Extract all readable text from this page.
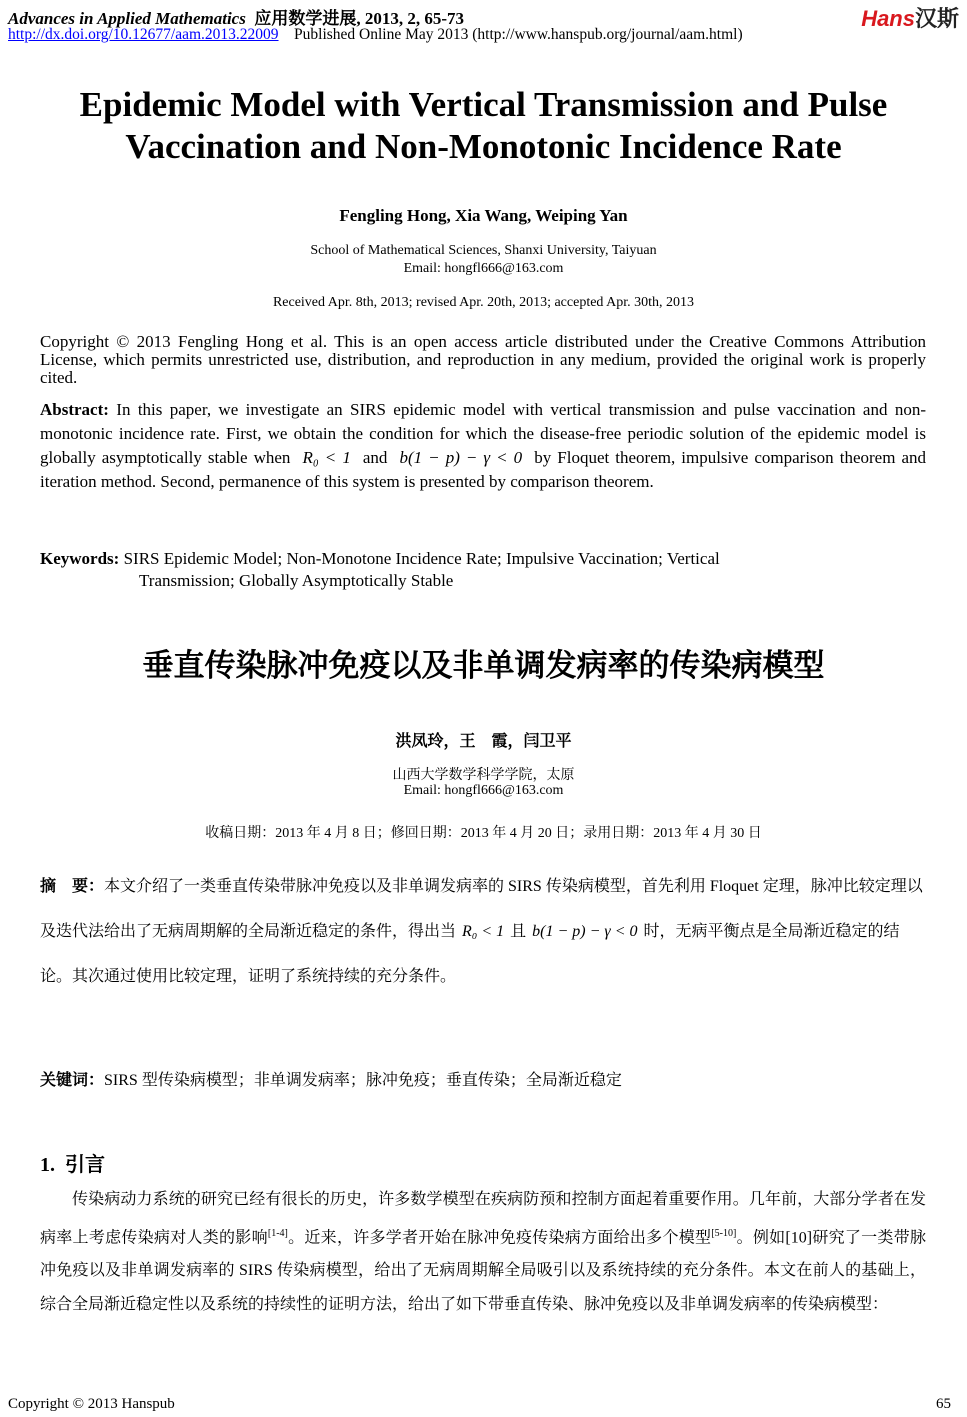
Advances in Applied Mathematics 应用数学进展, 2013, 2, 65-73
http://dx.doi.org/10.12677/aam.2013.22009 Published Online May 2013 (http://www.hanspub.org/journal/aam.html)
Hans汉斯
Epidemic Model with Vertical Transmission and Pulse
Vaccination and Non-Monotonic Incidence Rate
Fengling Hong, Xia Wang, Weiping Yan
School of Mathematical Sciences, Shanxi University, Taiyuan
Email: hongfl666@163.com
Received Apr. 8th, 2013; revised Apr. 20th, 2013; accepted Apr. 30th, 2013
Copyright © 2013 Fengling Hong et al. This is an open access article distributed under the Creative Commons Attribution License, which permits unrestricted use, distribution, and reproduction in any medium, provided the original work is properly cited.
Abstract: In this paper, we investigate an SIRS epidemic model with vertical transmission and pulse vaccination and non-monotonic incidence rate. First, we obtain the condition for which the disease-free periodic solution of the epidemic model is globally asymptotically stable when R₀ < 1 and b(1 − p) − γ < 0 by Floquet theorem, impulsive comparison theorem and iteration method. Second, permanence of this system is presented by comparison theorem.
Keywords: SIRS Epidemic Model; Non-Monotone Incidence Rate; Impulsive Vaccination; Vertical
Transmission; Globally Asymptotically Stable
垂直传染脉冲免疫以及非单调发病率的传染病模型
洪凤玲，王　霞，闫卫平
山西大学数学科学学院，太原
Email: hongfl666@163.com
收稿日期：2013 年 4 月 8 日；修回日期：2013 年 4 月 20 日；录用日期：2013 年 4 月 30 日
摘　要：本文介绍了一类垂直传染带脉冲免疫以及非单调发病率的 SIRS 传染病模型，首先利用 Floquet 定理，脉冲比较定理以及迭代法给出了无病周期解的全局渐近稳定的条件，得出当 R₀ < 1 且 b(1 − p) − γ < 0 时，无病平衡点是全局渐近稳定的结论。其次通过使用比较定理，证明了系统持续的充分条件。
关键词：SIRS 型传染病模型；非单调发病率；脉冲免疫；垂直传染；全局渐近稳定
1. 引言
传染病动力系统的研究已经有很长的历史，许多数学模型在疾病防预和控制方面起着重要作用。几年前，大部分学者在发病率上考虑传染病对人类的影响[1-4]。近来，许多学者开始在脉冲免疫传染病方面给出多个模型[5-10]。例如[10]研究了一类带脉冲免疫以及非单调发病率的 SIRS 传染病模型，给出了无病周期解全局吸引以及系统持续的充分条件。本文在前人的基础上，综合全局渐近稳定性以及系统的持续性的证明方法，给出了如下带垂直传染、脉冲免疫以及非单调发病率的传染病模型：
Copyright © 2013 Hanspub	65
